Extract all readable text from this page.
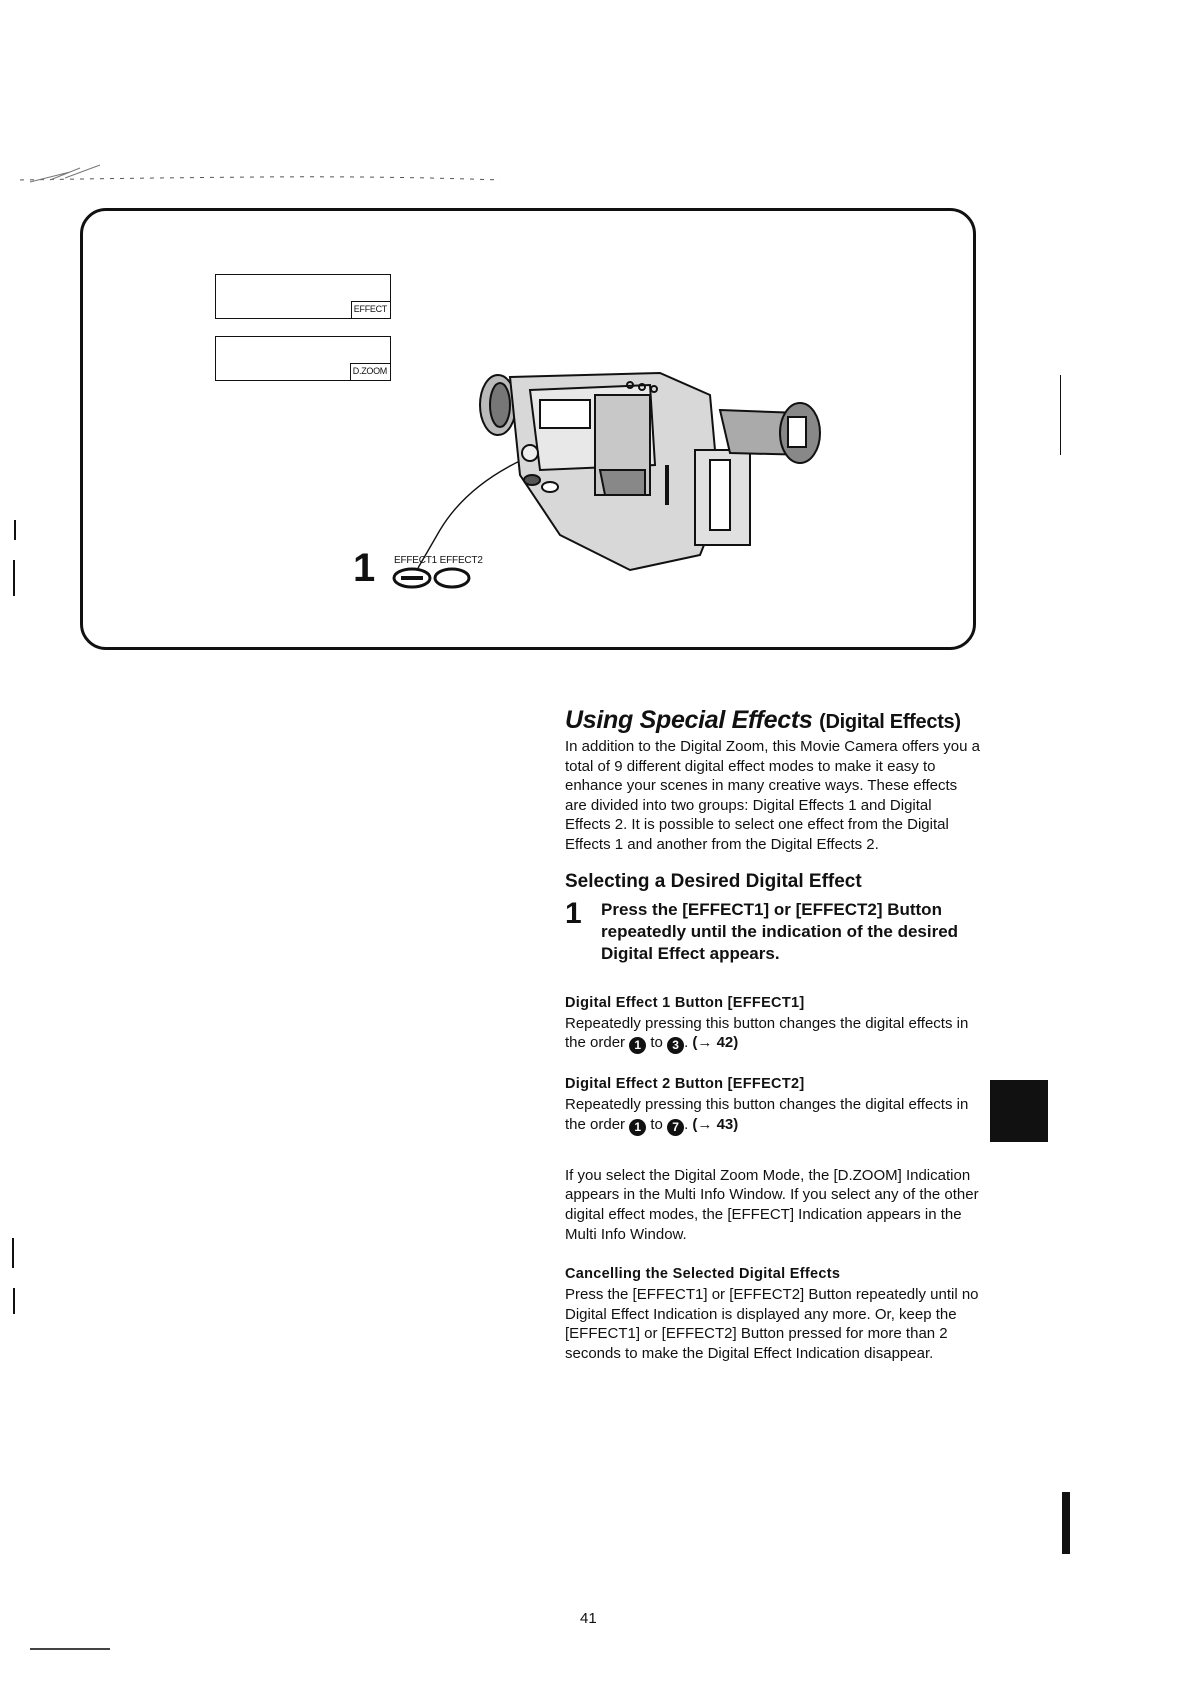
EFFECT
D.ZOOM
1 EFFECT1 EFFECT2
Using Special Effects (Digital Effects)

In addition to the Digital Zoom, this Movie Camera offers you a total of 9 different digital effect modes to make it easy to enhance your scenes in many creative ways. These effects are divided into two groups: Digital Effects 1 and Digital Effects 2. It is possible to select one effect from the Digital Effects 1 and another from the Digital Effects 2.

Selecting a Desired Digital Effect
1	Press the [EFFECT1] or [EFFECT2] Button repeatedly until the indication of the desired Digital Effect appears.

Digital Effect 1 Button [EFFECT1]

Repeatedly pressing this button changes the digital effects in the order 1 to 3 . (→ 42)

Digital Effect 2 Button [EFFECT2]

Repeatedly pressing this button changes the digital effects in the order 1 to 7 . (→ 43)

If you select the Digital Zoom Mode, the [D.ZOOM] Indication appears in the Multi Info Window. If you select any of the other digital effect modes, the [EFFECT] Indication appears in the Multi Info Window.

Cancelling the Selected Digital Effects

Press the [EFFECT1] or [EFFECT2] Button repeatedly until no Digital Effect Indication is displayed any more. Or, keep the [EFFECT1] or [EFFECT2] Button pressed for more than 2 seconds to make the Digital Effect Indication disappear.

41
